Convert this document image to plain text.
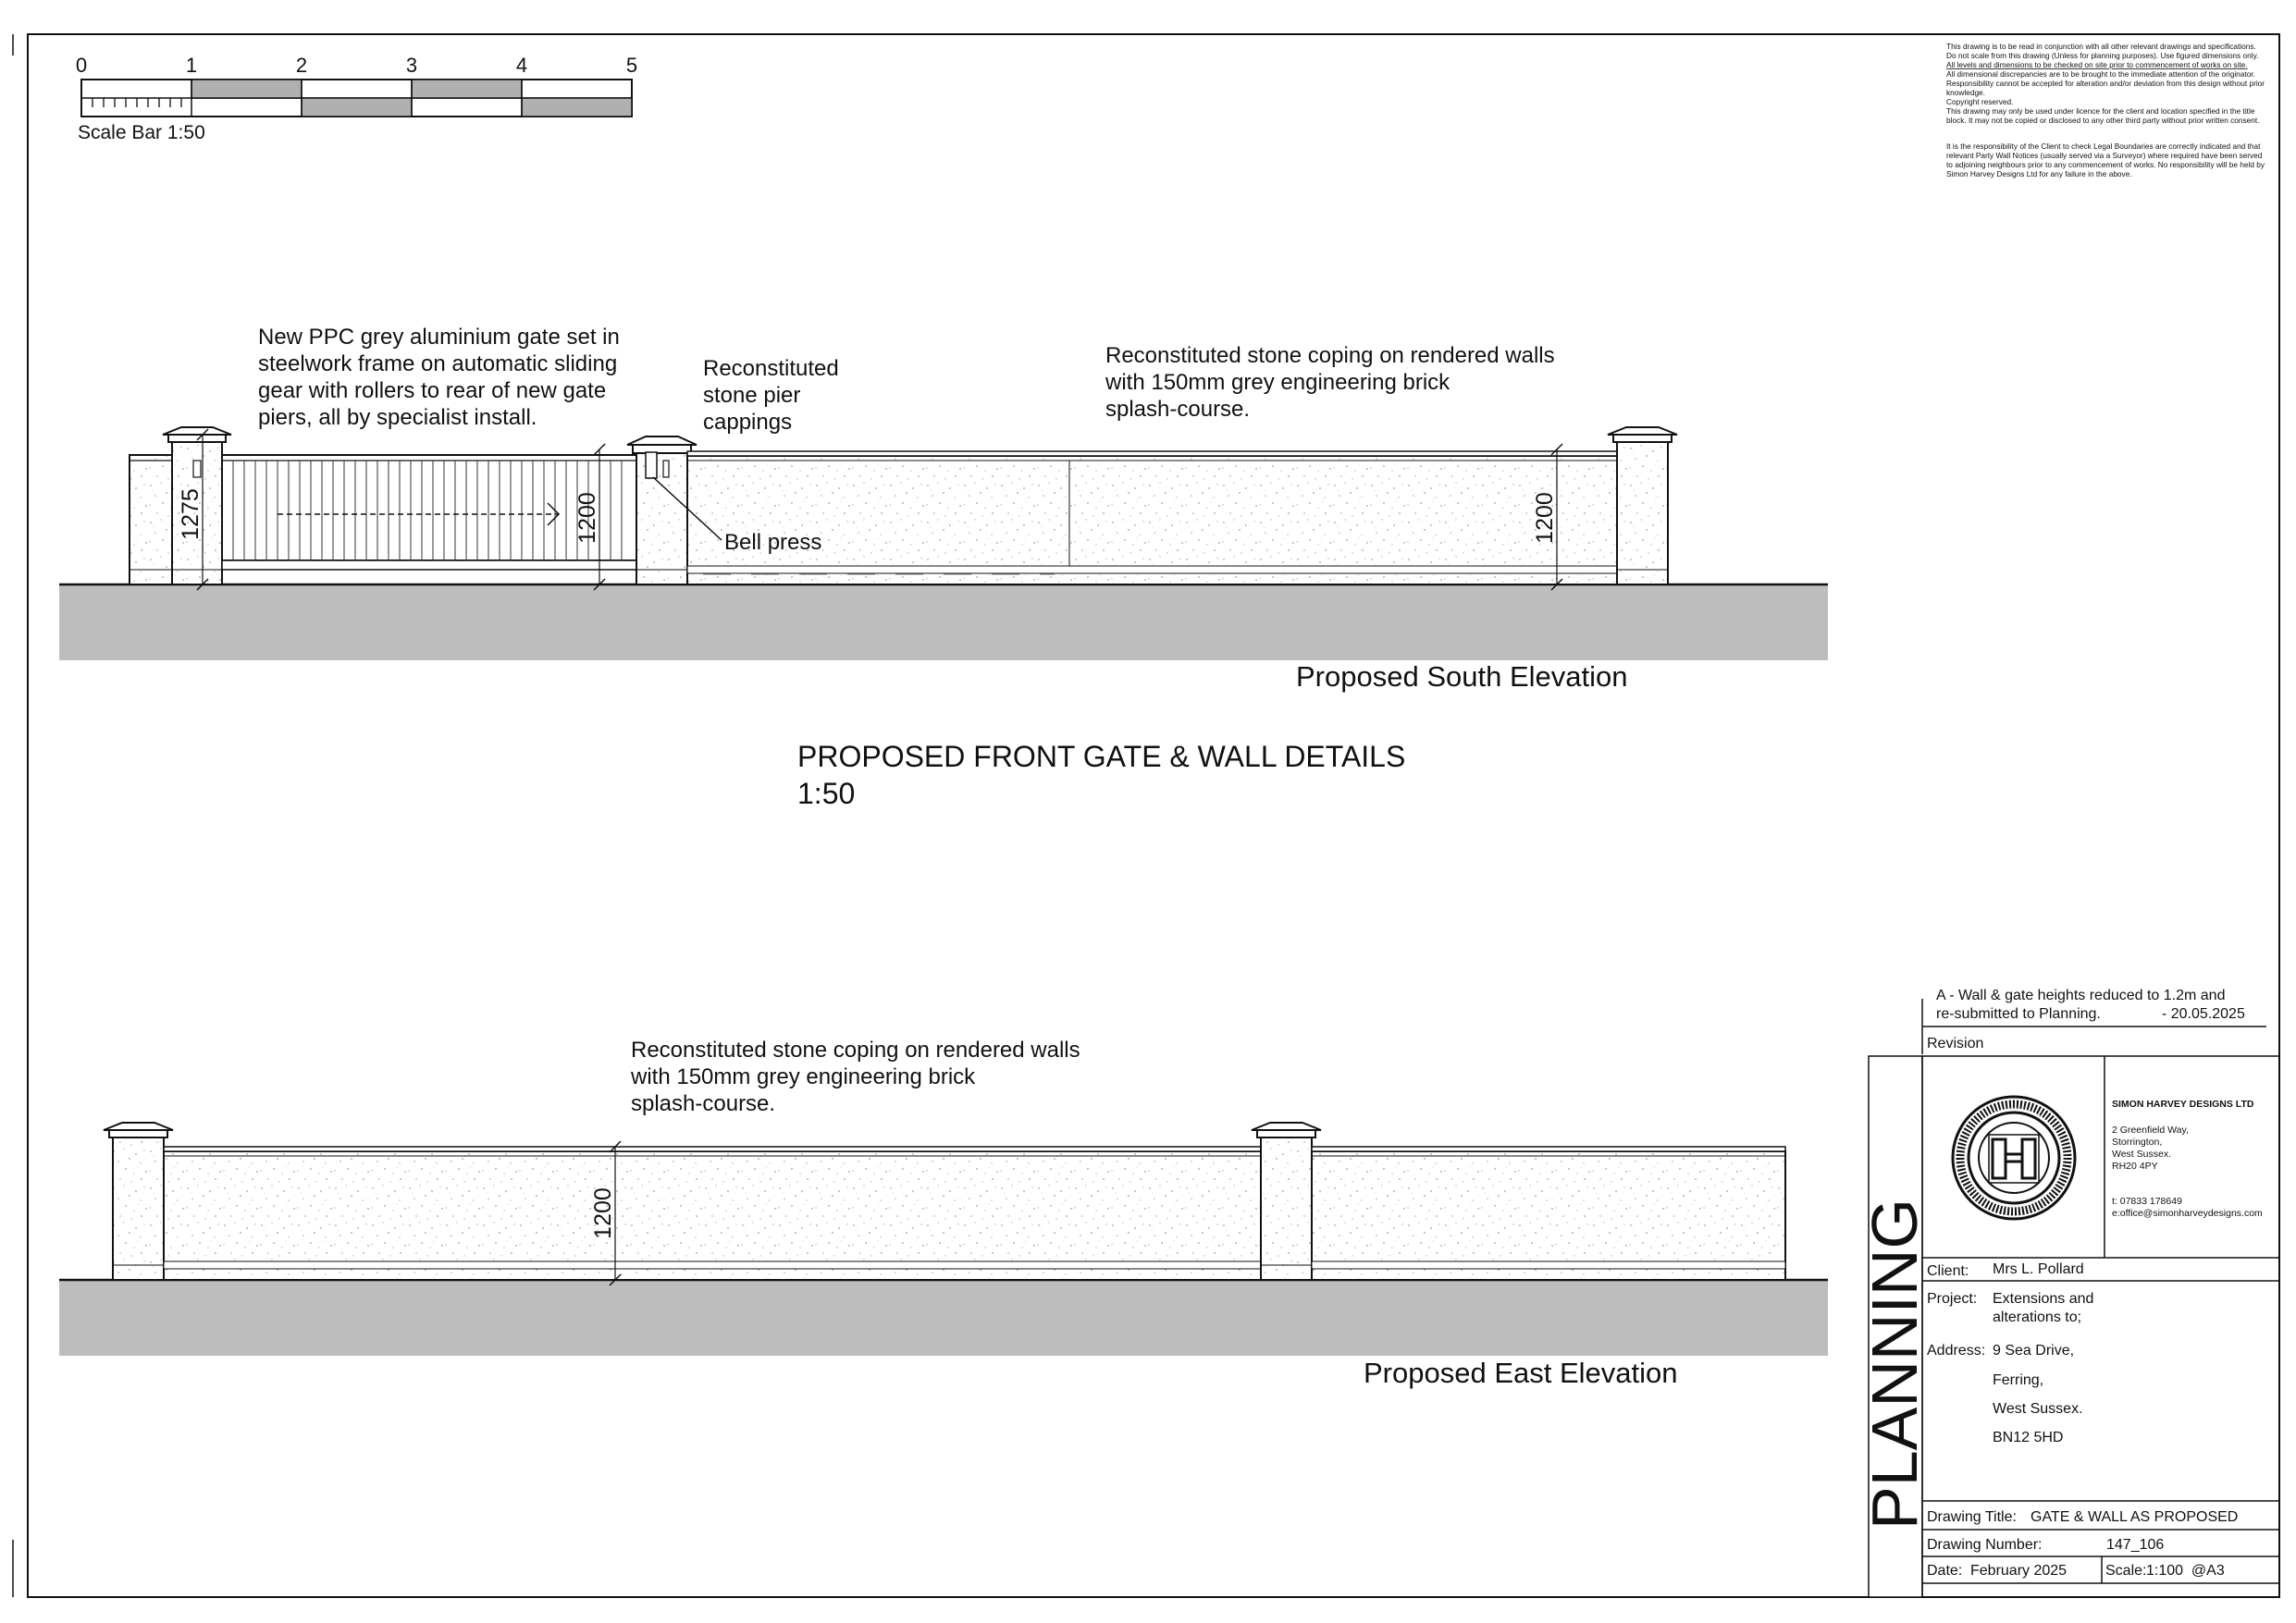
0	1	2	3	4	5
Scale Bar 1:50
This drawing is to be read in conjunction with all other relevant drawings and specifications.
Do not scale from this drawing (Unless for planning purposes). Use figured dimensions only.
All levels and dimensions to be checked on site prior to commencement of works on site.
All dimensional discrepancies are to be brought to the immediate attention of the originator.
Responsibility cannot be accepted for alteration and/or deviation from this design without prior
knowledge.
Copyright reserved.
This drawing may only be used under licence for the client and location specified in the title
block. It may not be copied or disclosed to any other third party without prior written consent.
It is the responsibility of the Client to check Legal Boundaries are correctly indicated and that
relevant Party Wall Notices (usually served via a Surveyor) where required have been served
to adjoining neighbours prior to any commencement of works. No responsibility will be held by
Simon Harvey Designs Ltd for any failure in the above.
1275	1200	1200
New PPC grey aluminium gate set in
steelwork frame on automatic sliding
gear with rollers to rear of new gate
piers, all by specialist install.
Reconstituted
stone pier
cappings
Reconstituted stone coping on rendered walls
with 150mm grey engineering brick
splash-course.
Bell press
Proposed South Elevation
PROPOSED FRONT GATE & WALL DETAILS
1:50
1200
Reconstituted stone coping on rendered walls
with 150mm grey engineering brick
splash-course.
Proposed East Elevation
A - Wall & gate heights reduced to 1.2m and
re-submitted to Planning.	- 20.05.2025
Revision
PLANNING
SIMON HARVEY DESIGNS LTD
2 Greenfield Way,
Storrington,
West Sussex.
RH20 4PY
t: 07833 178649
e:office@simonharveydesigns.com
Client: Mrs L. Pollard
Project: Extensions and
alterations to;
Address: 9 Sea Drive,
Ferring,
West Sussex.
BN12 5HD
Drawing Title: GATE & WALL AS PROPOSED
Drawing Number:	147_106
Date: February 2025	Scale: 1:100  @A3
